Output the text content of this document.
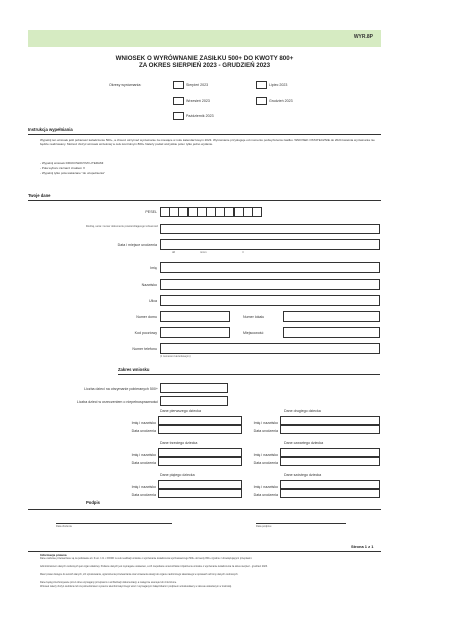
WYR.8P
WNIOSEK O WYRÓWNANIE ZASIŁKU 500+ DO KWOTY 800+
ZA OKRES SIERPIEŃ 2023 - GRUDZIEŃ 2023
Okresy wyrównania:	Sierpień 2023	Lipiec 2023
Wrzesień 2023	Grudzień 2023
Październik 2023
Instrukcja wypełniania
Wypełnij ten wniosek jeśli pobierasz świadczenie 500+, a chcesz otrzymać wyrównanie za miesiące w roku kalendarzowym 2023. Wyrównanie przysługuje od momentu podwyższenia zasiłku. WNIOSEK OSTATECZNIE do 2024 kwietnia wyrównania nie będzie realizowany. Możesz złożyć wniosek wcześniej w celu kontrolnym 800+ Należy podać wszystkie pola i tylko jedno wydanie.
- Wypełnij wniosek DRUKOWANYMI LITERAMI
- Pola wyboru zaznacz znakiem X
- Wypełnij tylko pola wskazane "do uzupełnienia"
Twoje dane
PESEL
Rodzaj, seria i numer dokumentu potwierdzającego tożsamość
Data i miejsce urodzenia
dd	mmm	rr
Imię
Nazwisko
Ulica
Numer domu	Numer lokalu
Kod pocztowy	Miejscowość
Numer telefonu
(z numerem kierunkowym)
Zakres wniosku
Liczba dzieci na otrzymanie pobieranych 500+
Liczba dzieci w orzeczeniem o niepełnosprawności
Dane pierwszego dziecka
Imię i nazwisko
Data urodzenia
Dane drugiego dziecka
Imię i nazwisko
Data urodzenia
Dane trzeciego dziecka
Imię i nazwisko
Data urodzenia
Dane czwartego dziecka
Imię i nazwisko
Data urodzenia
Dane piątego dziecka
Imię i nazwisko
Data urodzenia
Dane szóstego dziecka
Imię i nazwisko
Data urodzenia
Podpis
Data złożenia	Data podpisu
Strona 1 z 1
Informacja prawna
Dane osobowe przetwarzane są na podstawie art. 6 ust. 1 lit. c RODO w celu realizacji wniosku o wyrównanie świadczenia wychowawczego 500+ do kwoty 800+ zgodnie z obowiązującymi przepisami.
Administratorem danych osobowych jest organ właściwy. Podanie danych jest wymagane ustawowo, a ich niepodanie uniemożliwia rozpatrzenie wniosku o wyrównanie świadczenia za okres sierpień - grudzień 2023.
Masz prawo dostępu do swoich danych, ich sprostowania, ograniczenia przetwarzania oraz wniesienia skargi do organu nadzorczego właściwego w sprawach ochrony danych osobowych.
Dane będą przechowywane przez okres wymagany przepisami o archiwizacji dokumentacji, a następnie usunięte lub zniszczone.
Wniosek należy złożyć osobiście lub za pośrednictwem systemu teleinformatycznego wraz z wymaganymi załącznikami i podpisem wnioskodawcy w okresie wskazanym w instrukcji.
